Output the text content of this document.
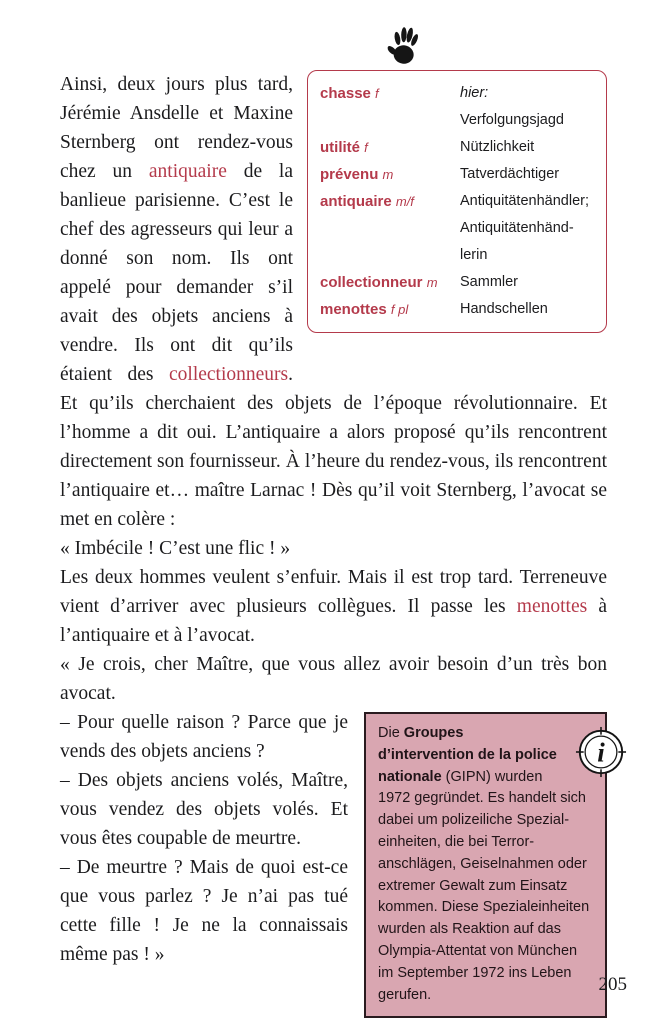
chasse f	hier: Verfolgungsjagd
utilité f	Nützlichkeit
prévenu m	Tatverdächtiger
antiquaire m/f	Antiquitätenhändler; Antiquitätenhändlerin
collectionneur m	Sammler
menottes f pl	Handschellen

Ainsi, deux jours plus tard, Jérémie Ansdelle et Maxine Sternberg ont rendez-vous chez un antiquaire de la banlieue parisienne. C’est le chef des agresseurs qui leur a donné son nom. Ils ont appelé pour demander s’il avait des objets anciens à vendre. Ils ont dit qu’ils étaient des collectionneurs. Et qu’ils cherchaient des objets de l’époque révolutionnaire. Et l’homme a dit oui. L’antiquaire a alors proposé qu’ils rencontrent directement son fournisseur. À l’heure du rendez-vous, ils rencontrent l’antiquaire et… maître Larnac ! Dès qu’il voit Sternberg, l’avocat se met en colère :

« Imbécile ! C’est une flic ! »

Les deux hommes veulent s’enfuir. Mais il est trop tard. Terreneuve vient d’arriver avec plusieurs collègues. Il passe les menottes à l’antiquaire et à l’avocat.

« Je crois, cher Maître, que vous allez avoir besoin d’un très bon avocat.

i
Die Groupes d’intervention de la police nationale (GIPN) wurden 1972 gegründet. Es handelt sich dabei um polizeiliche Spezialeinheiten, die bei Terroranschlägen, Geiselnahmen oder extremer Gewalt zum Einsatz kommen. Diese Spezialeinheiten wurden als Reaktion auf das Olympia-Attentat von München im September 1972 ins Leben gerufen.

– Pour quelle raison ? Parce que je vends des objets anciens ?

– Des objets anciens volés, Maître, vous vendez des objets volés. Et vous êtes coupable de meurtre.

– De meurtre ? Mais de quoi est-ce que vous parlez ? Je n’ai pas tué cette fille ! Je ne la connaissais même pas ! »

205
